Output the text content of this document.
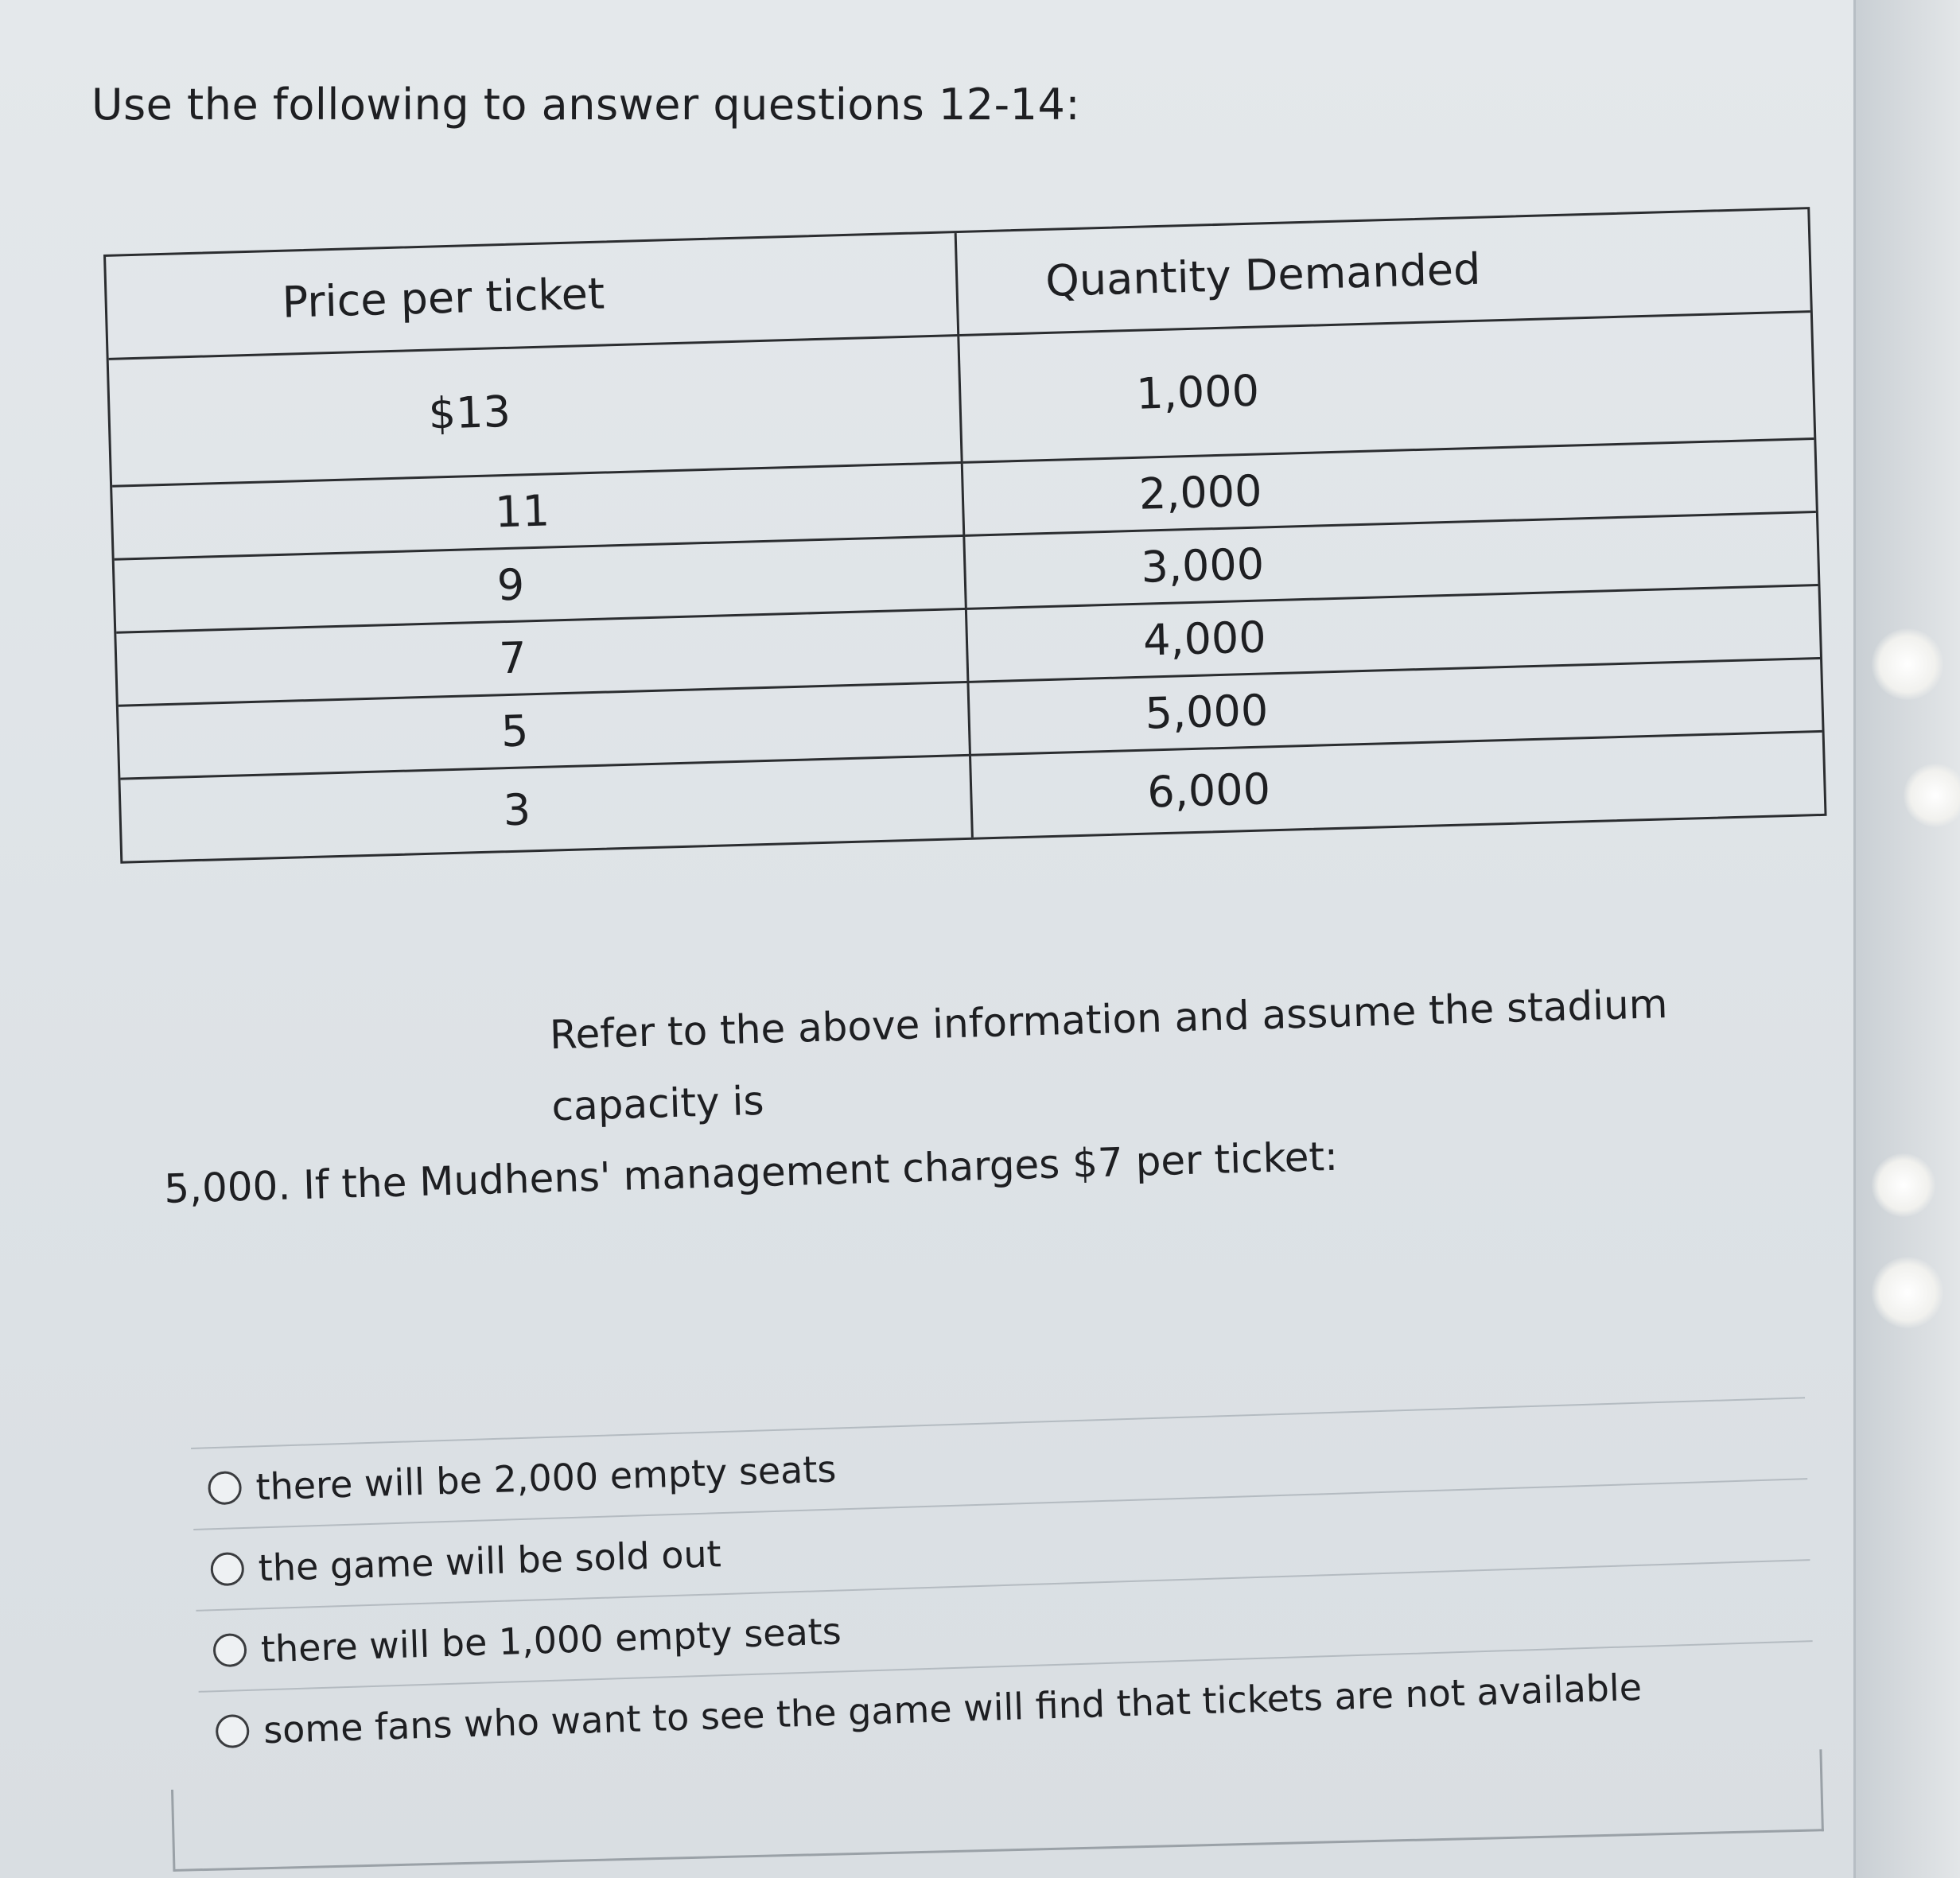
Use the following to answer questions 12-14:
Price per ticket	Quantity Demanded
$13	1,000
11	2,000
9	3,000
7	4,000
5	5,000
3	6,000
Refer to the above information and assume the stadium capacity is
5,000. If the Mudhens' management charges $7 per ticket:
there will be 2,000 empty seats
the game will be sold out
there will be 1,000 empty seats
some fans who want to see the game will find that tickets are not available
